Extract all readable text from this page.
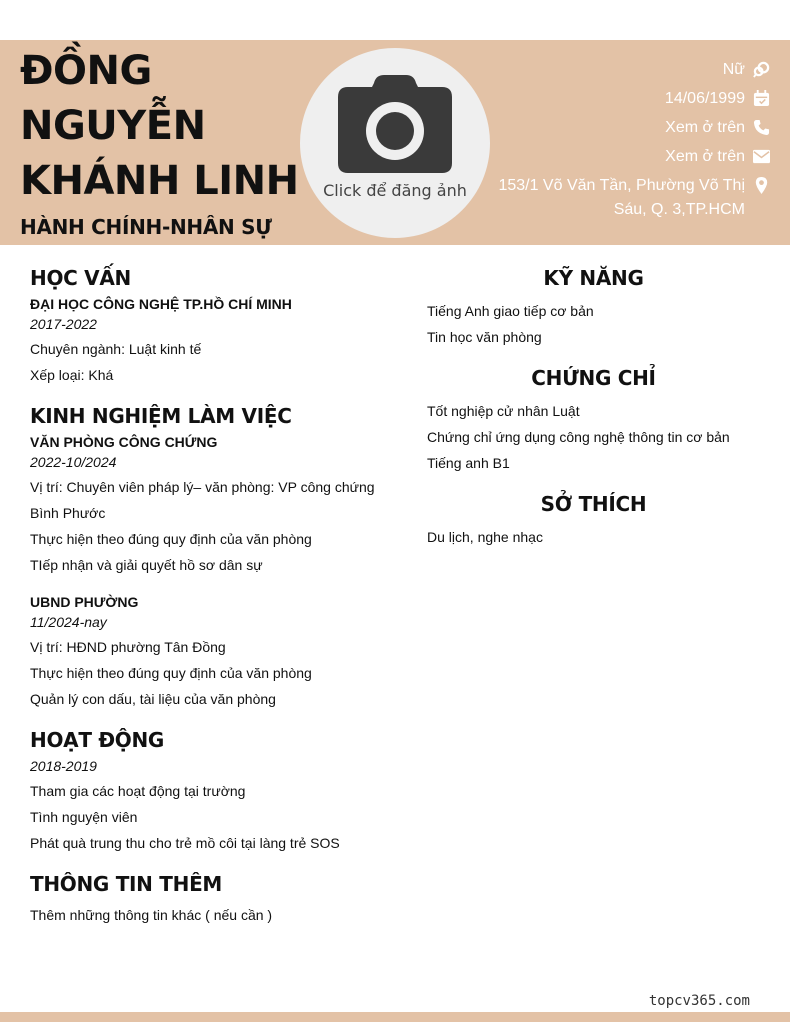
ĐỒNG
NGUYỄN
KHÁNH LINH
HÀNH CHÍNH-NHÂN SỰ
Click để đăng ảnh
Nữ
14/06/1999
Xem ở trên
Xem ở trên
153/1 Võ Văn Tần, Phường Võ Thị Sáu, Q. 3,TP.HCM
HỌC VẤN
ĐẠI HỌC CÔNG NGHỆ TP.HỒ CHÍ MINH
2017-2022
Chuyên ngành: Luật kinh tế
Xếp loại: Khá
KINH NGHIỆM LÀM VIỆC
VĂN PHÒNG CÔNG CHỨNG
2022-10/2024
Vị trí: Chuyên viên pháp lý– văn phòng: VP công chứng Bình Phước
Thực hiện theo đúng quy định của văn phòng
TIếp nhận và giải quyết hồ sơ dân sự
UBND PHƯỜNG
11/2024-nay
Vị trí: HĐND phường Tân Đồng
Thực hiện theo đúng quy định của văn phòng
Quản lý con dấu, tài liệu của văn phòng
HOẠT ĐỘNG
2018-2019
Tham gia các hoạt động tại trường
Tình nguyện viên
Phát quà trung thu cho trẻ mồ côi tại làng trẻ SOS
THÔNG TIN THÊM
Thêm những thông tin khác ( nếu cần )
KỸ NĂNG
Tiếng Anh giao tiếp cơ bản
Tin học văn phòng
CHỨNG CHỈ
Tốt nghiệp cử nhân Luật
Chứng chỉ ứng dụng công nghệ thông tin cơ bản
Tiếng anh B1
SỞ THÍCH
Du lịch, nghe nhạc
topcv365.com
